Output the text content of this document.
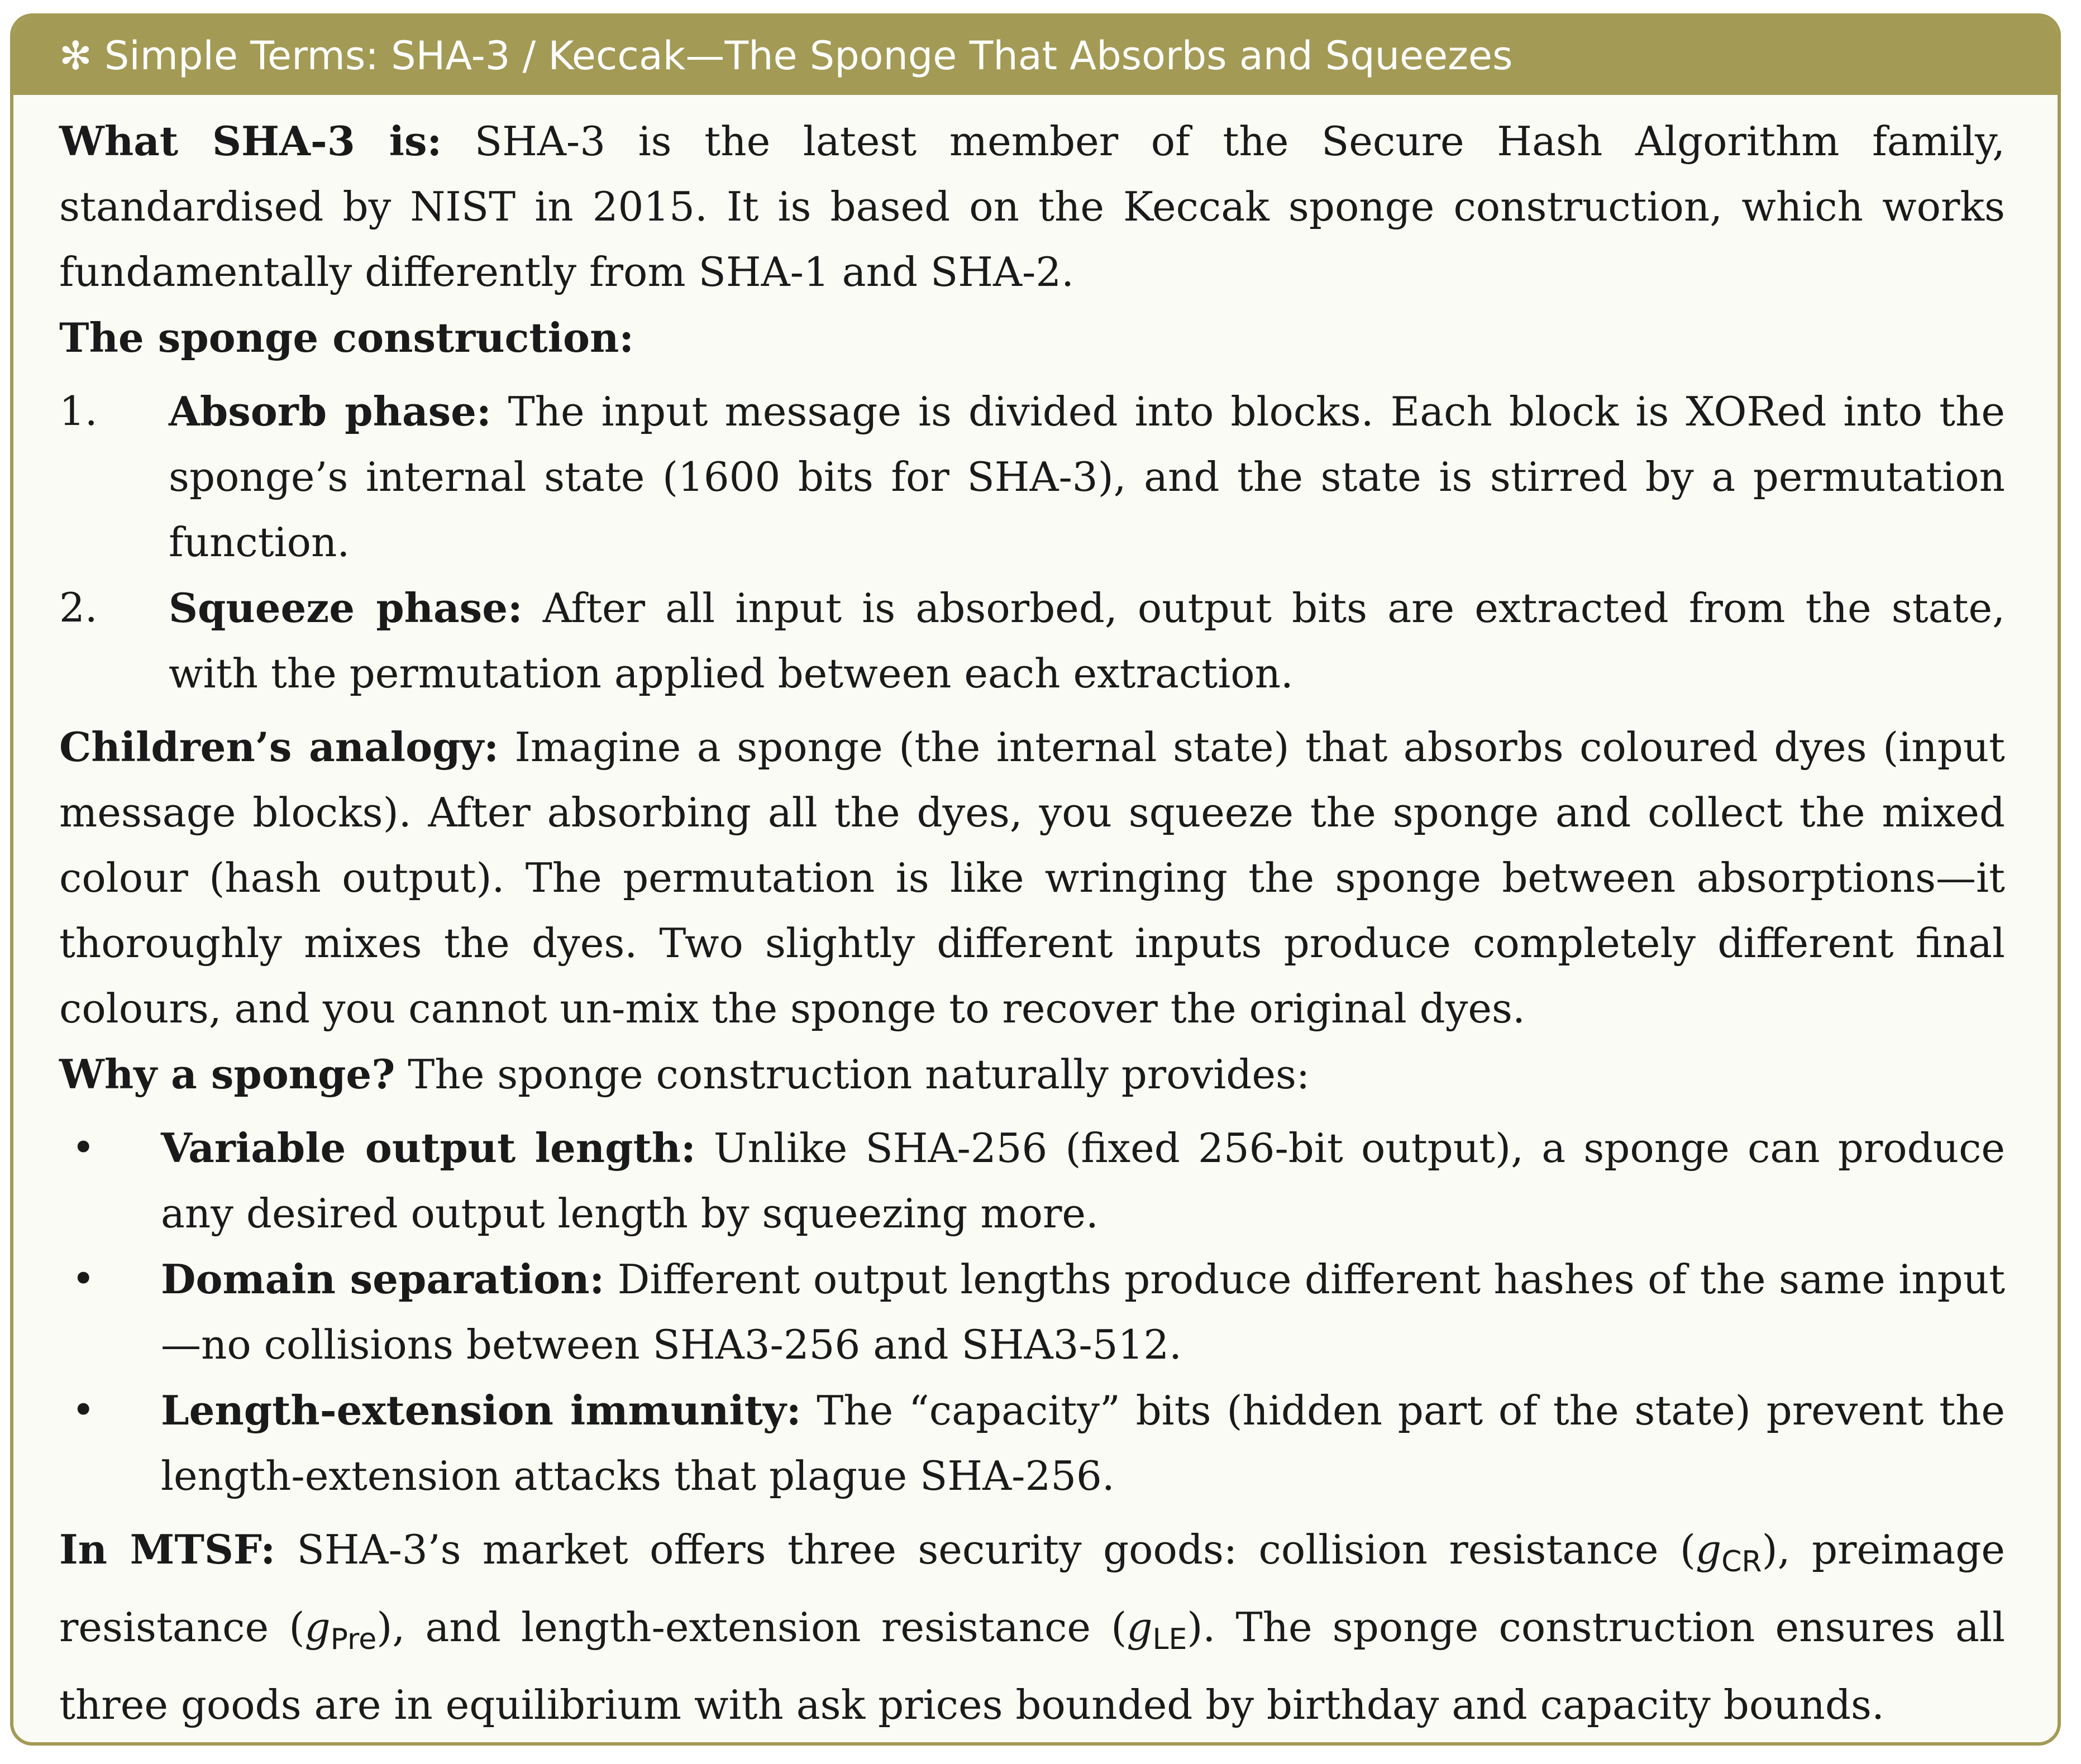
✻ Simple Terms: SHA-3 / Keccak—The Sponge That Absorbs and Squeezes

What SHA-3 is: SHA-3 is the latest member of the Secure Hash Algorithm family, standardised by NIST in 2015. It is based on the Keccak sponge construction, which works fundamentally differently from SHA-1 and SHA-2.

The sponge construction:

1.	Absorb phase: The input message is divided into blocks. Each block is XORed into the sponge’s internal state (1600 bits for SHA-3), and the state is stirred by a permutation function.
2.	Squeeze phase: After all input is absorbed, output bits are extracted from the state, with the permutation applied between each extraction.

Children’s analogy: Imagine a sponge (the internal state) that absorbs coloured dyes (input message blocks). After absorbing all the dyes, you squeeze the sponge and collect the mixed colour (hash output). The permutation is like wringing the sponge between absorptions—it thoroughly mixes the dyes. Two slightly different inputs produce completely different final colours, and you cannot un-mix the sponge to recover the original dyes.

Why a sponge? The sponge construction naturally provides:

•	Variable output length: Unlike SHA-256 (fixed 256-bit output), a sponge can produce any desired output length by squeezing more.
•	Domain separation: Different output lengths produce different hashes of the same input—no collisions between SHA3-256 and SHA3-512.
•	Length-extension immunity: The “capacity” bits (hidden part of the state) prevent the length-extension attacks that plague SHA-256.

In MTSF: SHA-3’s market offers three security goods: collision resistance $(g_{CR})$, preimage resistance $(g_{Pre})$, and length-extension resistance $(g_{LE})$. The sponge construction ensures all three goods are in equilibrium with ask prices bounded by birthday and capacity bounds.
